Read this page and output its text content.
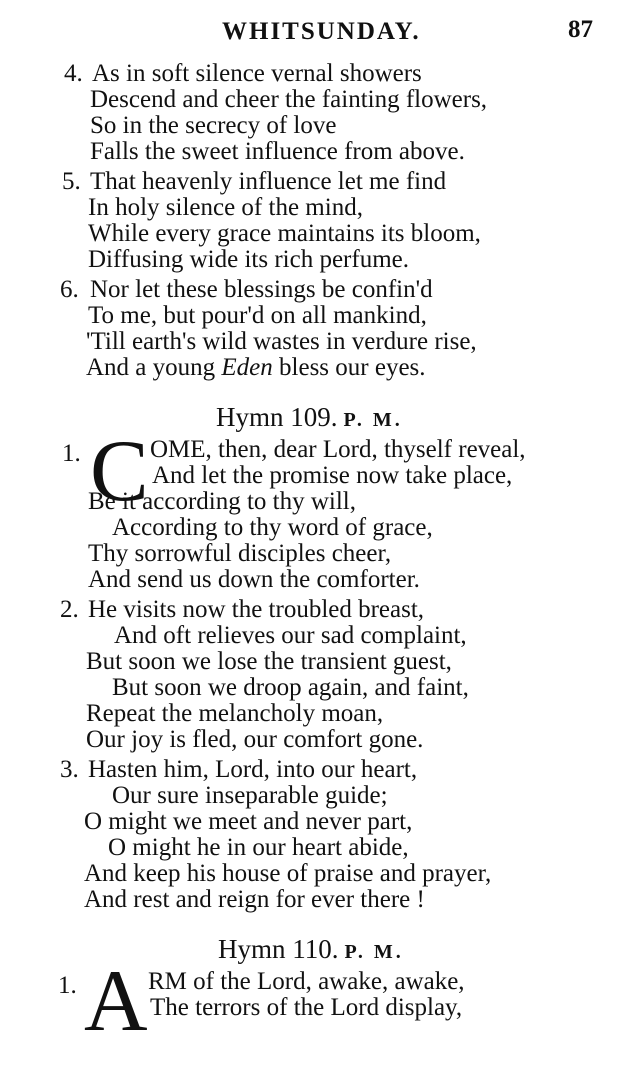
WHITSUNDAY.	87
4. As in soft silence vernal showers
Descend and cheer the fainting flowers,
So in the secrecy of love
Falls the sweet influence from above.
5. That heavenly influence let me find
In holy silence of the mind,
While every grace maintains its bloom,
Diffusing wide its rich perfume.
6. Nor let these blessings be confin'd
To me, but pour'd on all mankind,
'Till earth's wild wastes in verdure rise,
And a young Eden bless our eyes.
Hymn 109. P. M.
1. C OME, then, dear Lord, thyself reveal,
And let the promise now take place,
Be it according to thy will,
According to thy word of grace,
Thy sorrowful disciples cheer,
And send us down the comforter.
2. He visits now the troubled breast,
And oft relieves our sad complaint,
But soon we lose the transient guest,
But soon we droop again, and faint,
Repeat the melancholy moan,
Our joy is fled, our comfort gone.
3. Hasten him, Lord, into our heart,
Our sure inseparable guide;
O might we meet and never part,
O might he in our heart abide,
And keep his house of praise and prayer,
And rest and reign for ever there !
Hymn 110. P. M.
1. A RM of the Lord, awake, awake,
The terrors of the Lord display,
